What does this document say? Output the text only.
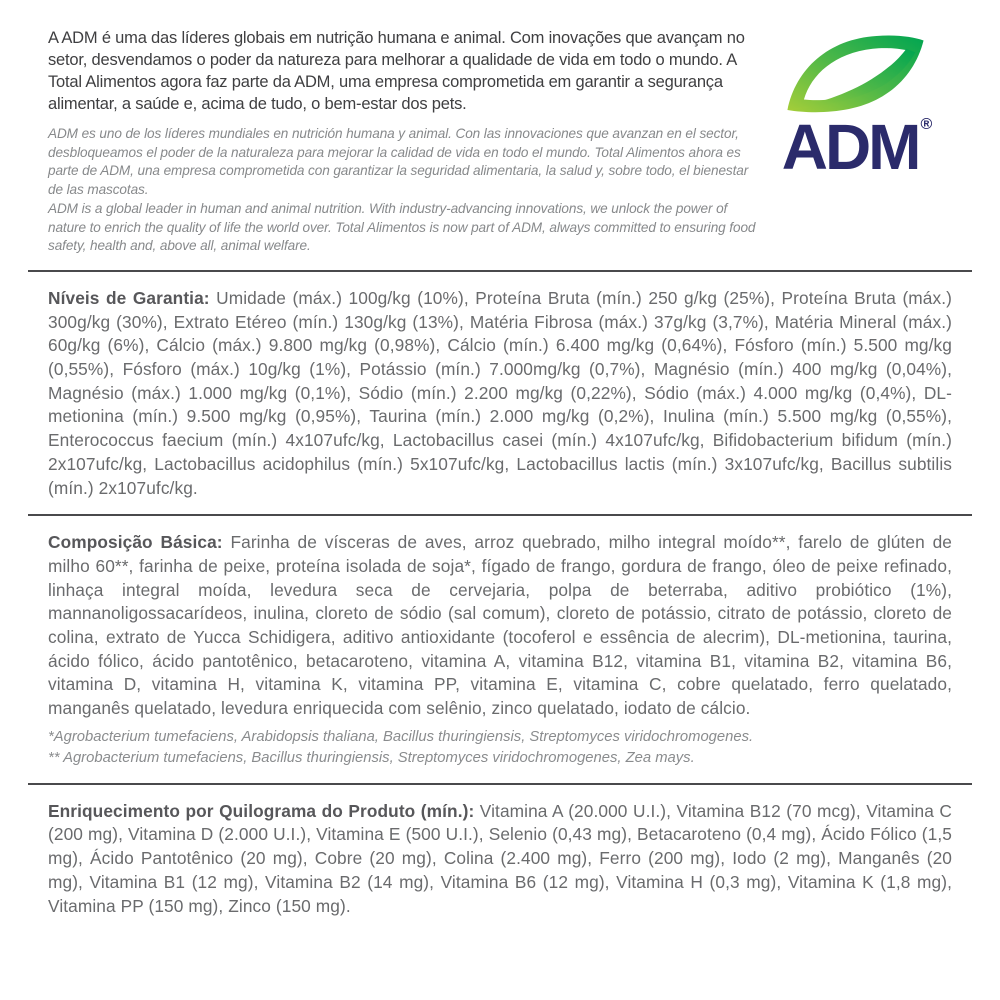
A ADM é uma das líderes globais em nutrição humana e animal. Com inovações que avançam no setor, desvendamos o poder da natureza para melhorar a qualidade de vida em todo o mundo. A Total Alimentos agora faz parte da ADM, uma empresa comprometida em garantir a segurança alimentar, a saúde e, acima de tudo, o bem-estar dos pets.

ADM es uno de los líderes mundiales en nutrición humana y animal. Con las innovaciones que avanzan en el sector, desbloqueamos el poder de la naturaleza para mejorar la calidad de vida en todo el mundo. Total Alimentos ahora es parte de ADM, una empresa comprometida con garantizar la seguridad alimentaria, la salud y, sobre todo, el bienestar de las mascotas.

ADM is a global leader in human and animal nutrition. With industry-advancing innovations, we unlock the power of nature to enrich the quality of life the world over. Total Alimentos is now part of ADM, always committed to ensuring food safety, health and, above all, animal welfare.

ADM ®

Níveis de Garantia: Umidade (máx.) 100g/kg (10%), Proteína Bruta (mín.) 250 g/kg (25%), Proteína Bruta (máx.) 300g/kg (30%), Extrato Etéreo (mín.) 130g/kg (13%), Matéria Fibrosa (máx.) 37g/kg (3,7%), Matéria Mineral (máx.) 60g/kg (6%), Cálcio (máx.) 9.800 mg/kg (0,98%), Cálcio (mín.) 6.400 mg/kg (0,64%), Fósforo (mín.) 5.500 mg/kg (0,55%), Fósforo (máx.) 10g/kg (1%), Potássio (mín.) 7.000mg/kg (0,7%), Magnésio (mín.) 400 mg/kg (0,04%), Magnésio (máx.) 1.000 mg/kg (0,1%), Sódio (mín.) 2.200 mg/kg (0,22%), Sódio (máx.) 4.000 mg/kg (0,4%), DL-metionina (mín.) 9.500 mg/kg (0,95%), Taurina (mín.) 2.000 mg/kg (0,2%), Inulina (mín.) 5.500 mg/kg (0,55%), Enterococcus faecium (mín.) 4x107ufc/kg, Lactobacillus casei (mín.) 4x107ufc/kg, Bifidobacterium bifidum (mín.) 2x107ufc/kg, Lactobacillus acidophilus (mín.) 5x107ufc/kg, Lactobacillus lactis (mín.) 3x107ufc/kg, Bacillus subtilis (mín.) 2x107ufc/kg.

Composição Básica: Farinha de vísceras de aves, arroz quebrado, milho integral moído**, farelo de glúten de milho 60**, farinha de peixe, proteína isolada de soja*, fígado de frango, gordura de frango, óleo de peixe refinado, linhaça integral moída, levedura seca de cervejaria, polpa de beterraba, aditivo probiótico (1%), mannanoligossacarídeos, inulina, cloreto de sódio (sal comum), cloreto de potássio, citrato de potássio, cloreto de colina, extrato de Yucca Schidigera, aditivo antioxidante (tocoferol e essência de alecrim), DL-metionina, taurina, ácido fólico, ácido pantotênico, betacaroteno, vitamina A, vitamina B12, vitamina B1, vitamina B2, vitamina B6, vitamina D, vitamina H, vitamina K, vitamina PP, vitamina E, vitamina C, cobre quelatado, ferro quelatado, manganês quelatado, levedura enriquecida com selênio, zinco quelatado, iodato de cálcio.

*Agrobacterium tumefaciens, Arabidopsis thaliana, Bacillus thuringiensis, Streptomyces viridochromogenes.

** Agrobacterium tumefaciens, Bacillus thuringiensis, Streptomyces viridochromogenes, Zea mays.

Enriquecimento por Quilograma do Produto (mín.): Vitamina A (20.000 U.I.), Vitamina B12 (70 mcg), Vitamina C (200 mg), Vitamina D (2.000 U.I.), Vitamina E (500 U.I.), Selenio (0,43 mg), Betacaroteno (0,4 mg), Ácido Fólico (1,5 mg), Ácido Pantotênico (20 mg), Cobre (20 mg), Colina (2.400 mg), Ferro (200 mg), Iodo (2 mg), Manganês (20 mg), Vitamina B1 (12 mg), Vitamina B2 (14 mg), Vitamina B6 (12 mg), Vitamina H (0,3 mg), Vitamina K (1,8 mg), Vitamina PP (150 mg), Zinco (150 mg).
